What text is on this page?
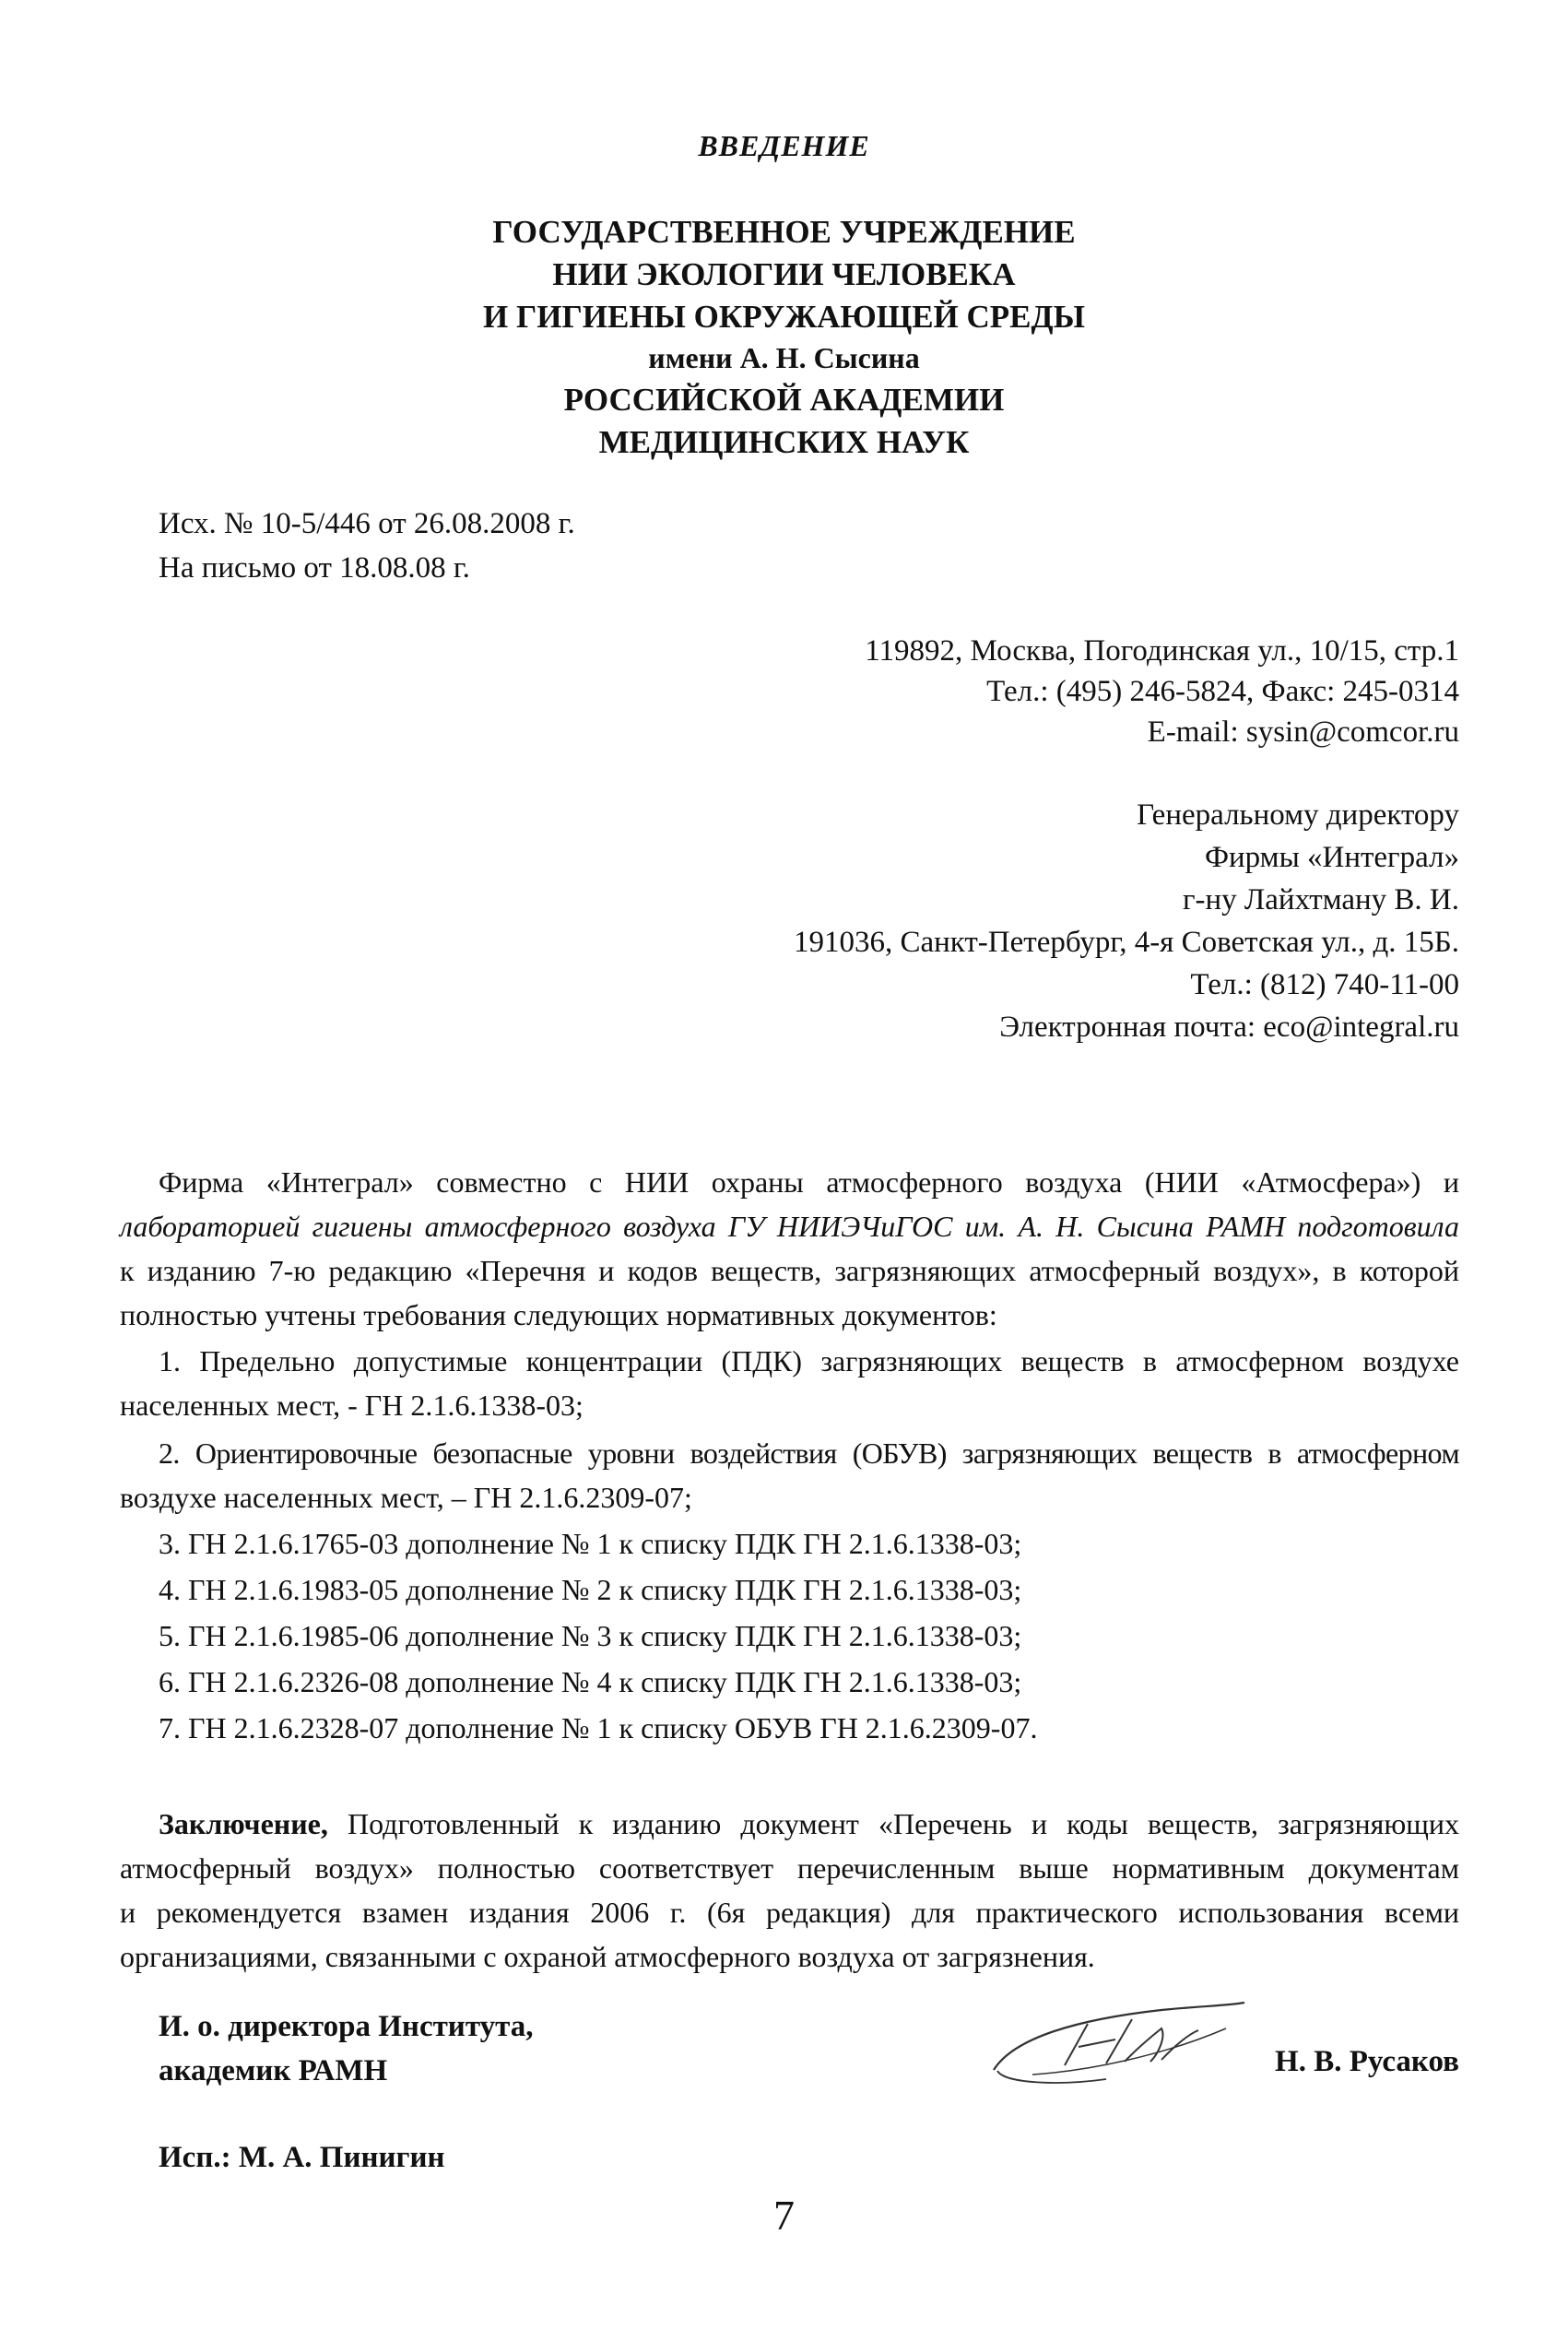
ВВЕДЕНИЕ
ГОСУДАРСТВЕННОЕ УЧРЕЖДЕНИЕ
НИИ ЭКОЛОГИИ ЧЕЛОВЕКА
И ГИГИЕНЫ ОКРУЖАЮЩЕЙ СРЕДЫ
имени А. Н. Сысина
РОССИЙСКОЙ АКАДЕМИИ
МЕДИЦИНСКИХ НАУК
Исх. № 10-5/446 от 26.08.2008 г.
На письмо от 18.08.08 г.
119892, Москва, Погодинская ул., 10/15, стр.1
Тел.: (495) 246-5824, Факс: 245-0314
E-mail: sysin@comcor.ru
Генеральному директору
Фирмы «Интеграл»
г-ну Лайхтману В. И.
191036, Санкт-Петербург, 4-я Советская ул., д. 15Б.
Тел.: (812) 740-11-00
Электронная почта: eco@integral.ru
Фирма «Интеграл» совместно с НИИ охраны атмосферного воздуха (НИИ «Атмосфера») и
лабораторией гигиены атмосферного воздуха ГУ НИИЭЧиГОС им. А. Н. Сысина РАМН подготовила
к изданию 7-ю редакцию «Перечня и кодов веществ, загрязняющих атмосферный воздух», в которой
полностью учтены требования следующих нормативных документов:
1. Предельно допустимые концентрации (ПДК) загрязняющих веществ в атмосферном воздухе
населенных мест, - ГН 2.1.6.1338-03;
2. Ориентировочные безопасные уровни воздействия (ОБУВ) загрязняющих веществ в атмосферном
воздухе населенных мест, – ГН 2.1.6.2309-07;
3. ГН 2.1.6.1765-03 дополнение № 1 к списку ПДК ГН 2.1.6.1338-03;
4. ГН 2.1.6.1983-05 дополнение № 2 к списку ПДК ГН 2.1.6.1338-03;
5. ГН 2.1.6.1985-06 дополнение № 3 к списку ПДК ГН 2.1.6.1338-03;
6. ГН 2.1.6.2326-08 дополнение № 4 к списку ПДК ГН 2.1.6.1338-03;
7. ГН 2.1.6.2328-07 дополнение № 1 к списку ОБУВ ГН 2.1.6.2309-07.
Заключение, Подготовленный к изданию документ «Перечень и коды веществ, загрязняющих
атмосферный воздух» полностью соответствует перечисленным выше нормативным документам
и рекомендуется взамен издания 2006 г. (6я редакция) для практического использования всеми
организациями, связанными с охраной атмосферного воздуха от загрязнения.
И. о. директора Института,
академик РАМН	Н. В. Русаков
Исп.: М. А. Пинигин
7
